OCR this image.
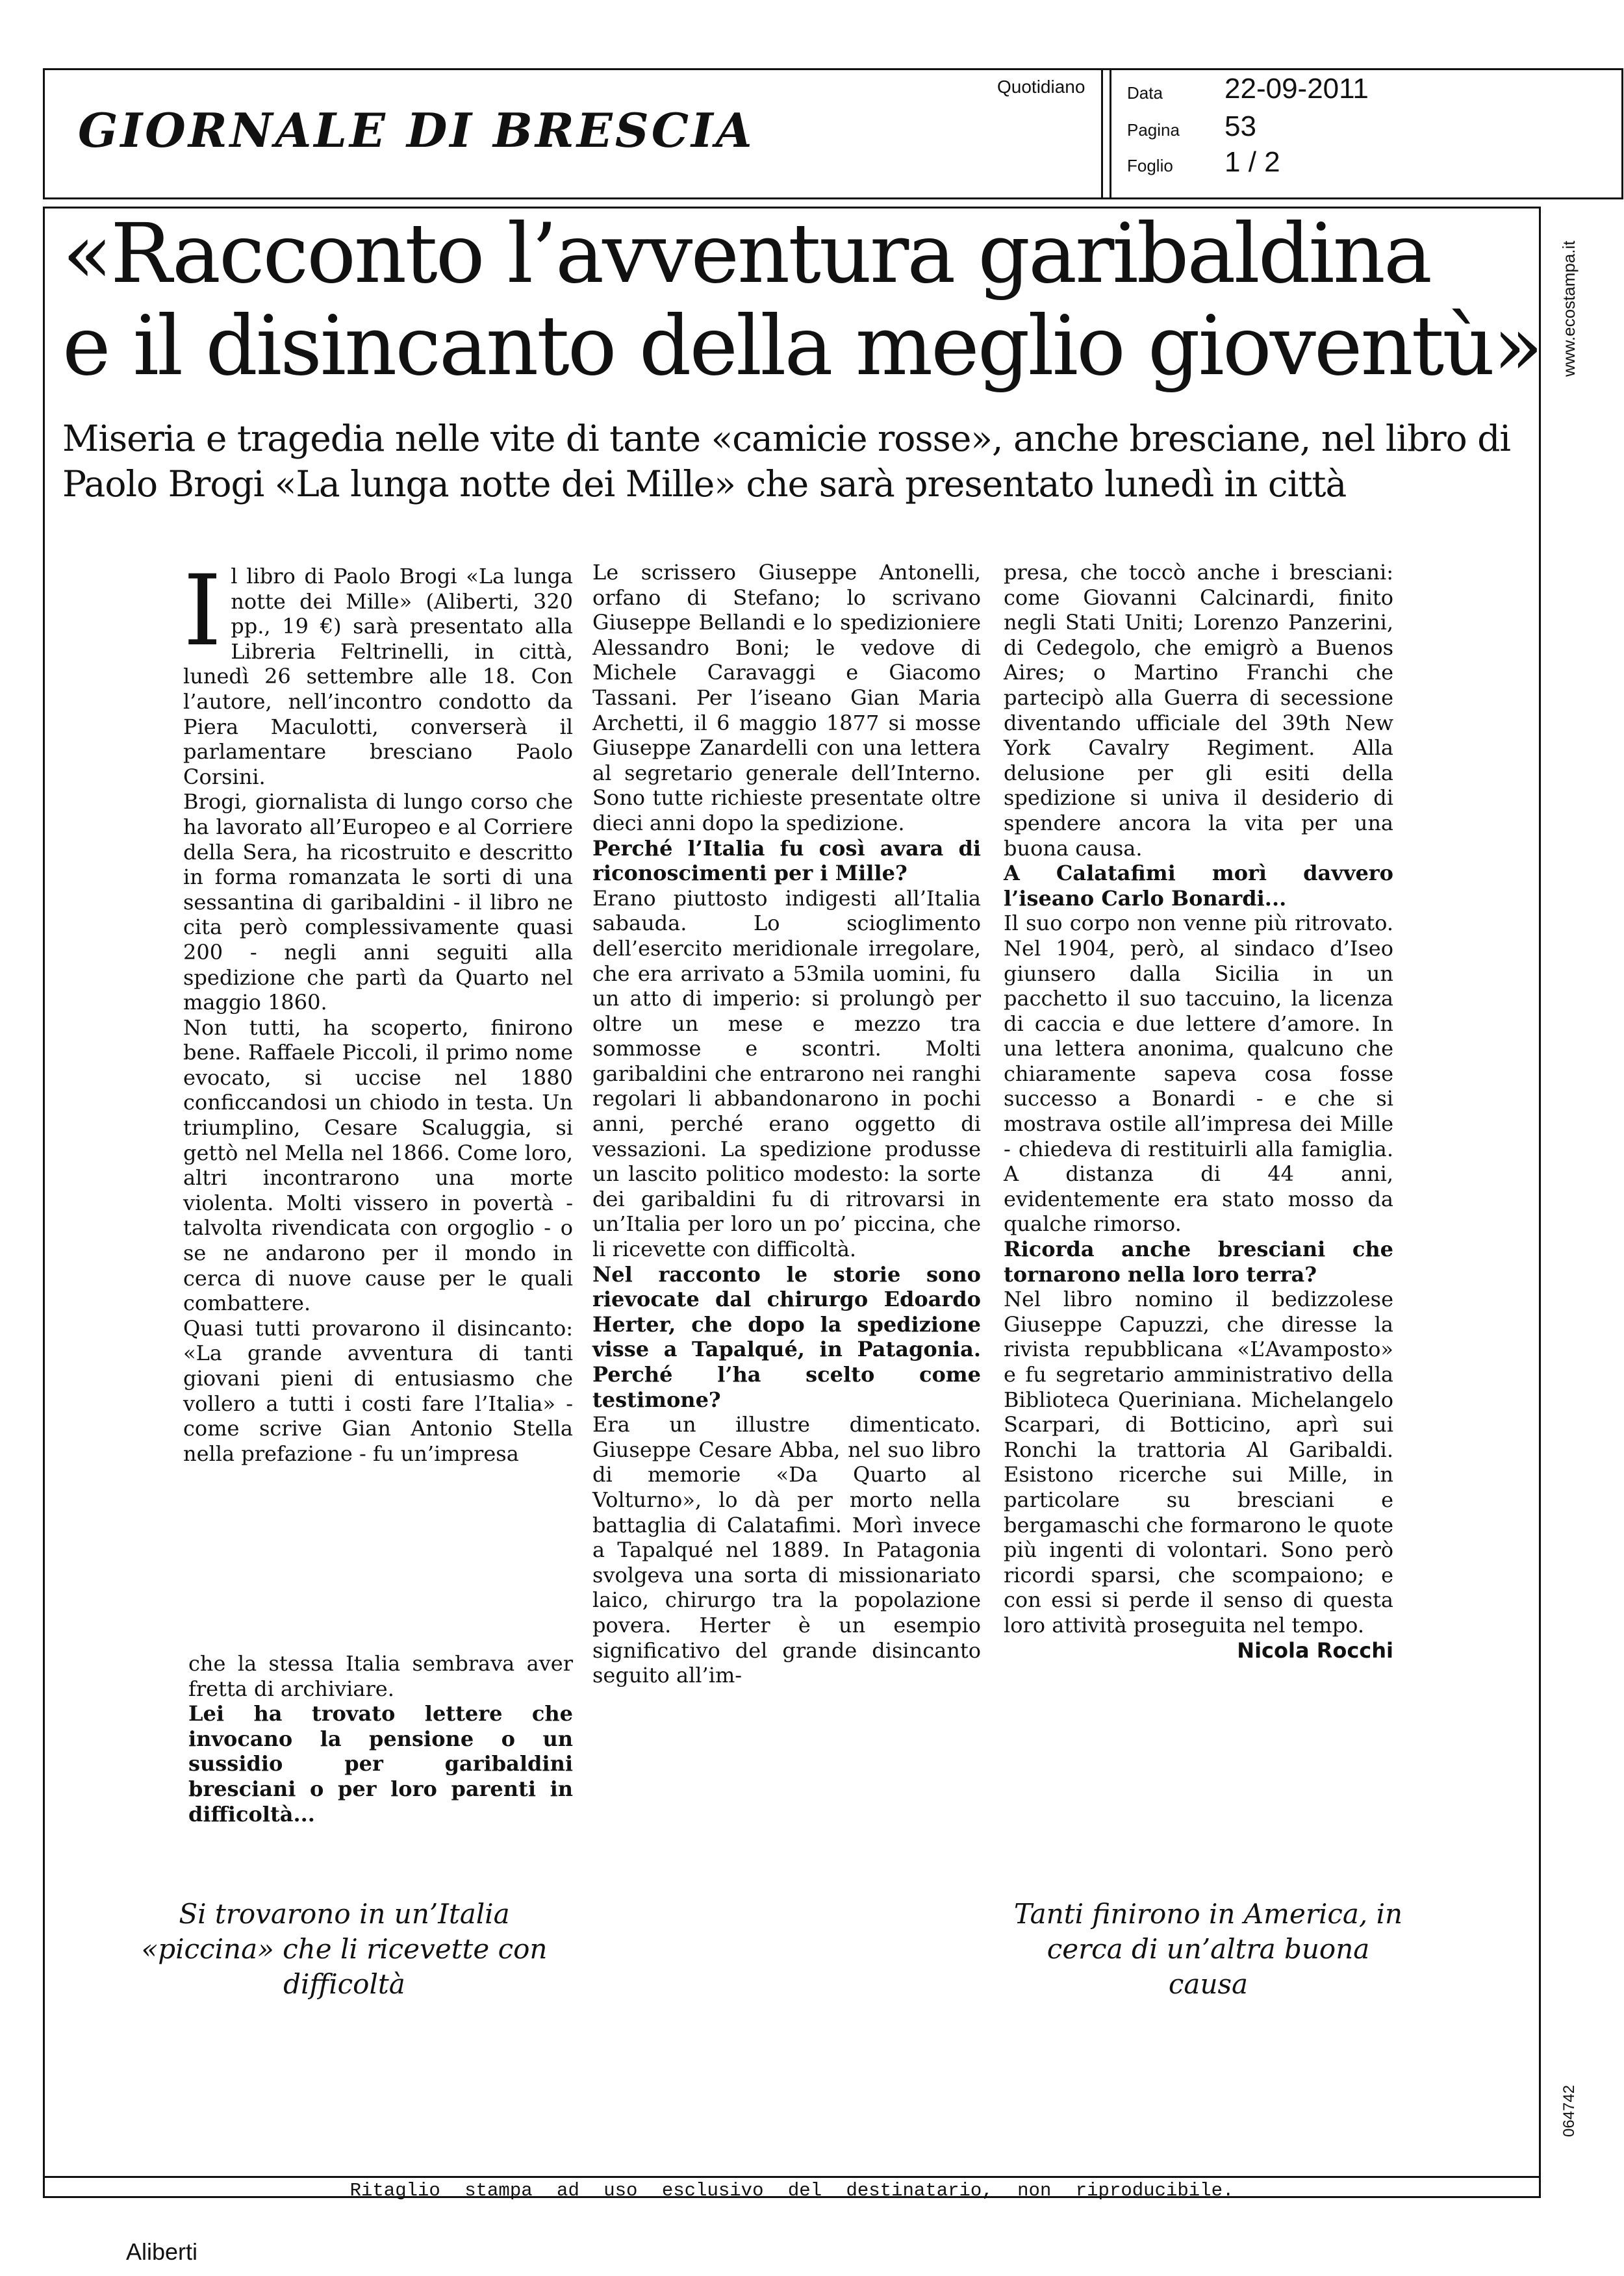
GIORNALE DI BRESCIA
Quotidiano Data 22-09-2011
Pagina 53
Foglio 1 / 2
Ritaglio stampa ad uso esclusivo del destinatario, non riproducibile.
www.ecostampa.it
064742
«Racconto l’avventura garibaldina
e il disincanto della meglio gioventù»
Miseria e tragedia nelle vite di tante «camicie rosse», anche bresciane, nel libro di Paolo Brogi «La lunga notte dei Mille» che sarà presentato lunedì in città
I l libro di Paolo Brogi «La lunga notte dei Mille» (Aliberti, 320 pp., 19 €) sarà presentato alla Libreria Feltrinelli, in città, lunedì 26 settembre alle 18. Con l’autore, nell’incontro condotto da Piera Maculotti, converserà il parlamentare bresciano Paolo Corsini.

Brogi, giornalista di lungo corso che ha lavorato all’Europeo e al Corriere della Sera, ha ricostruito e descritto in forma romanzata le sorti di una sessantina di garibaldini - il libro ne cita però complessivamente quasi 200 - negli anni seguiti alla spedizione che partì da Quarto nel maggio 1860.

Non tutti, ha scoperto, finirono bene. Raffaele Piccoli, il primo nome evocato, si uccise nel 1880 conficcandosi un chiodo in testa. Un triumplino, Cesare Scaluggia, si gettò nel Mella nel 1866. Come loro, altri incontrarono una morte violenta. Molti vissero in povertà - talvolta rivendicata con orgoglio - o se ne andarono per il mondo in cerca di nuove cause per le quali combattere.

Quasi tutti provarono il disincanto: «La grande avventura di tanti giovani pieni di entusiasmo che vollero a tutti i costi fare l’Italia» - come scrive Gian Antonio Stella nella prefazione - fu un’impresa

che la stessa Italia sembrava aver fretta di archiviare.

Lei ha trovato lettere che invocano la pensione o un sussidio per garibaldini bresciani o per loro parenti in difficoltà...

Le scrissero Giuseppe Antonelli, orfano di Stefano; lo scrivano Giuseppe Bellandi e lo spedizioniere Alessandro Boni; le vedove di Michele Caravaggi e Giacomo Tassani. Per l’iseano Gian Maria Archetti, il 6 maggio 1877 si mosse Giuseppe Zanardelli con una lettera al segretario generale dell’Interno. Sono tutte richieste presentate oltre dieci anni dopo la spedizione.

Perché l’Italia fu così avara di riconoscimenti per i Mille?

Erano piuttosto indigesti all’Italia sabauda. Lo scioglimento dell’esercito meridionale irregolare, che era arrivato a 53mila uomini, fu un atto di imperio: si prolungò per oltre un mese e mezzo tra sommosse e scontri. Molti garibaldini che entrarono nei ranghi regolari li abbandonarono in pochi anni, perché erano oggetto di vessazioni. La spedizione produsse un lascito politico modesto: la sorte dei garibaldini fu di ritrovarsi in un’Italia per loro un po’ piccina, che li ricevette con difficoltà.

Nel racconto le storie sono rievocate dal chirurgo Edoardo Herter, che dopo la spedizione visse a Tapalqué, in Patagonia. Perché l’ha scelto come testimone?

Era un illustre dimenticato. Giuseppe Cesare Abba, nel suo libro di memorie «Da Quarto al Volturno», lo dà per morto nella battaglia di Calatafimi. Morì invece a Tapalqué nel 1889. In Patagonia svolgeva una sorta di missionariato laico, chirurgo tra la popolazione povera. Herter è un esempio significativo del grande disincanto seguito all’im-

presa, che toccò anche i bresciani: come Giovanni Calcinardi, finito negli Stati Uniti; Lorenzo Panzerini, di Cedegolo, che emigrò a Buenos Aires; o Martino Franchi che partecipò alla Guerra di secessione diventando ufficiale del 39th New York Cavalry Regiment. Alla delusione per gli esiti della spedizione si univa il desiderio di spendere ancora la vita per una buona causa.

A Calatafimi morì davvero l’iseano Carlo Bonardi...

Il suo corpo non venne più ritrovato. Nel 1904, però, al sindaco d’Iseo giunsero dalla Sicilia in un pacchetto il suo taccuino, la licenza di caccia e due lettere d’amore. In una lettera anonima, qualcuno che chiaramente sapeva cosa fosse successo a Bonardi - e che si mostrava ostile all’impresa dei Mille - chiedeva di restituirli alla famiglia. A distanza di 44 anni, evidentemente era stato mosso da qualche rimorso.

Ricorda anche bresciani che tornarono nella loro terra?

Nel libro nomino il bedizzolese Giuseppe Capuzzi, che diresse la rivista repubblicana «L’Avamposto» e fu segretario amministrativo della Biblioteca Queriniana. Michelangelo Scarpari, di Botticino, aprì sui Ronchi la trattoria Al Garibaldi. Esistono ricerche sui Mille, in particolare su bresciani e bergamaschi che formarono le quote più ingenti di volontari. Sono però ricordi sparsi, che scompaiono; e con essi si perde il senso di questa loro attività proseguita nel tempo.

Nicola Rocchi

Si trovarono in un’Italia «piccina» che li ricevette con difficoltà
Tanti finirono in America, in cerca di un’altra buona causa
Aliberti
